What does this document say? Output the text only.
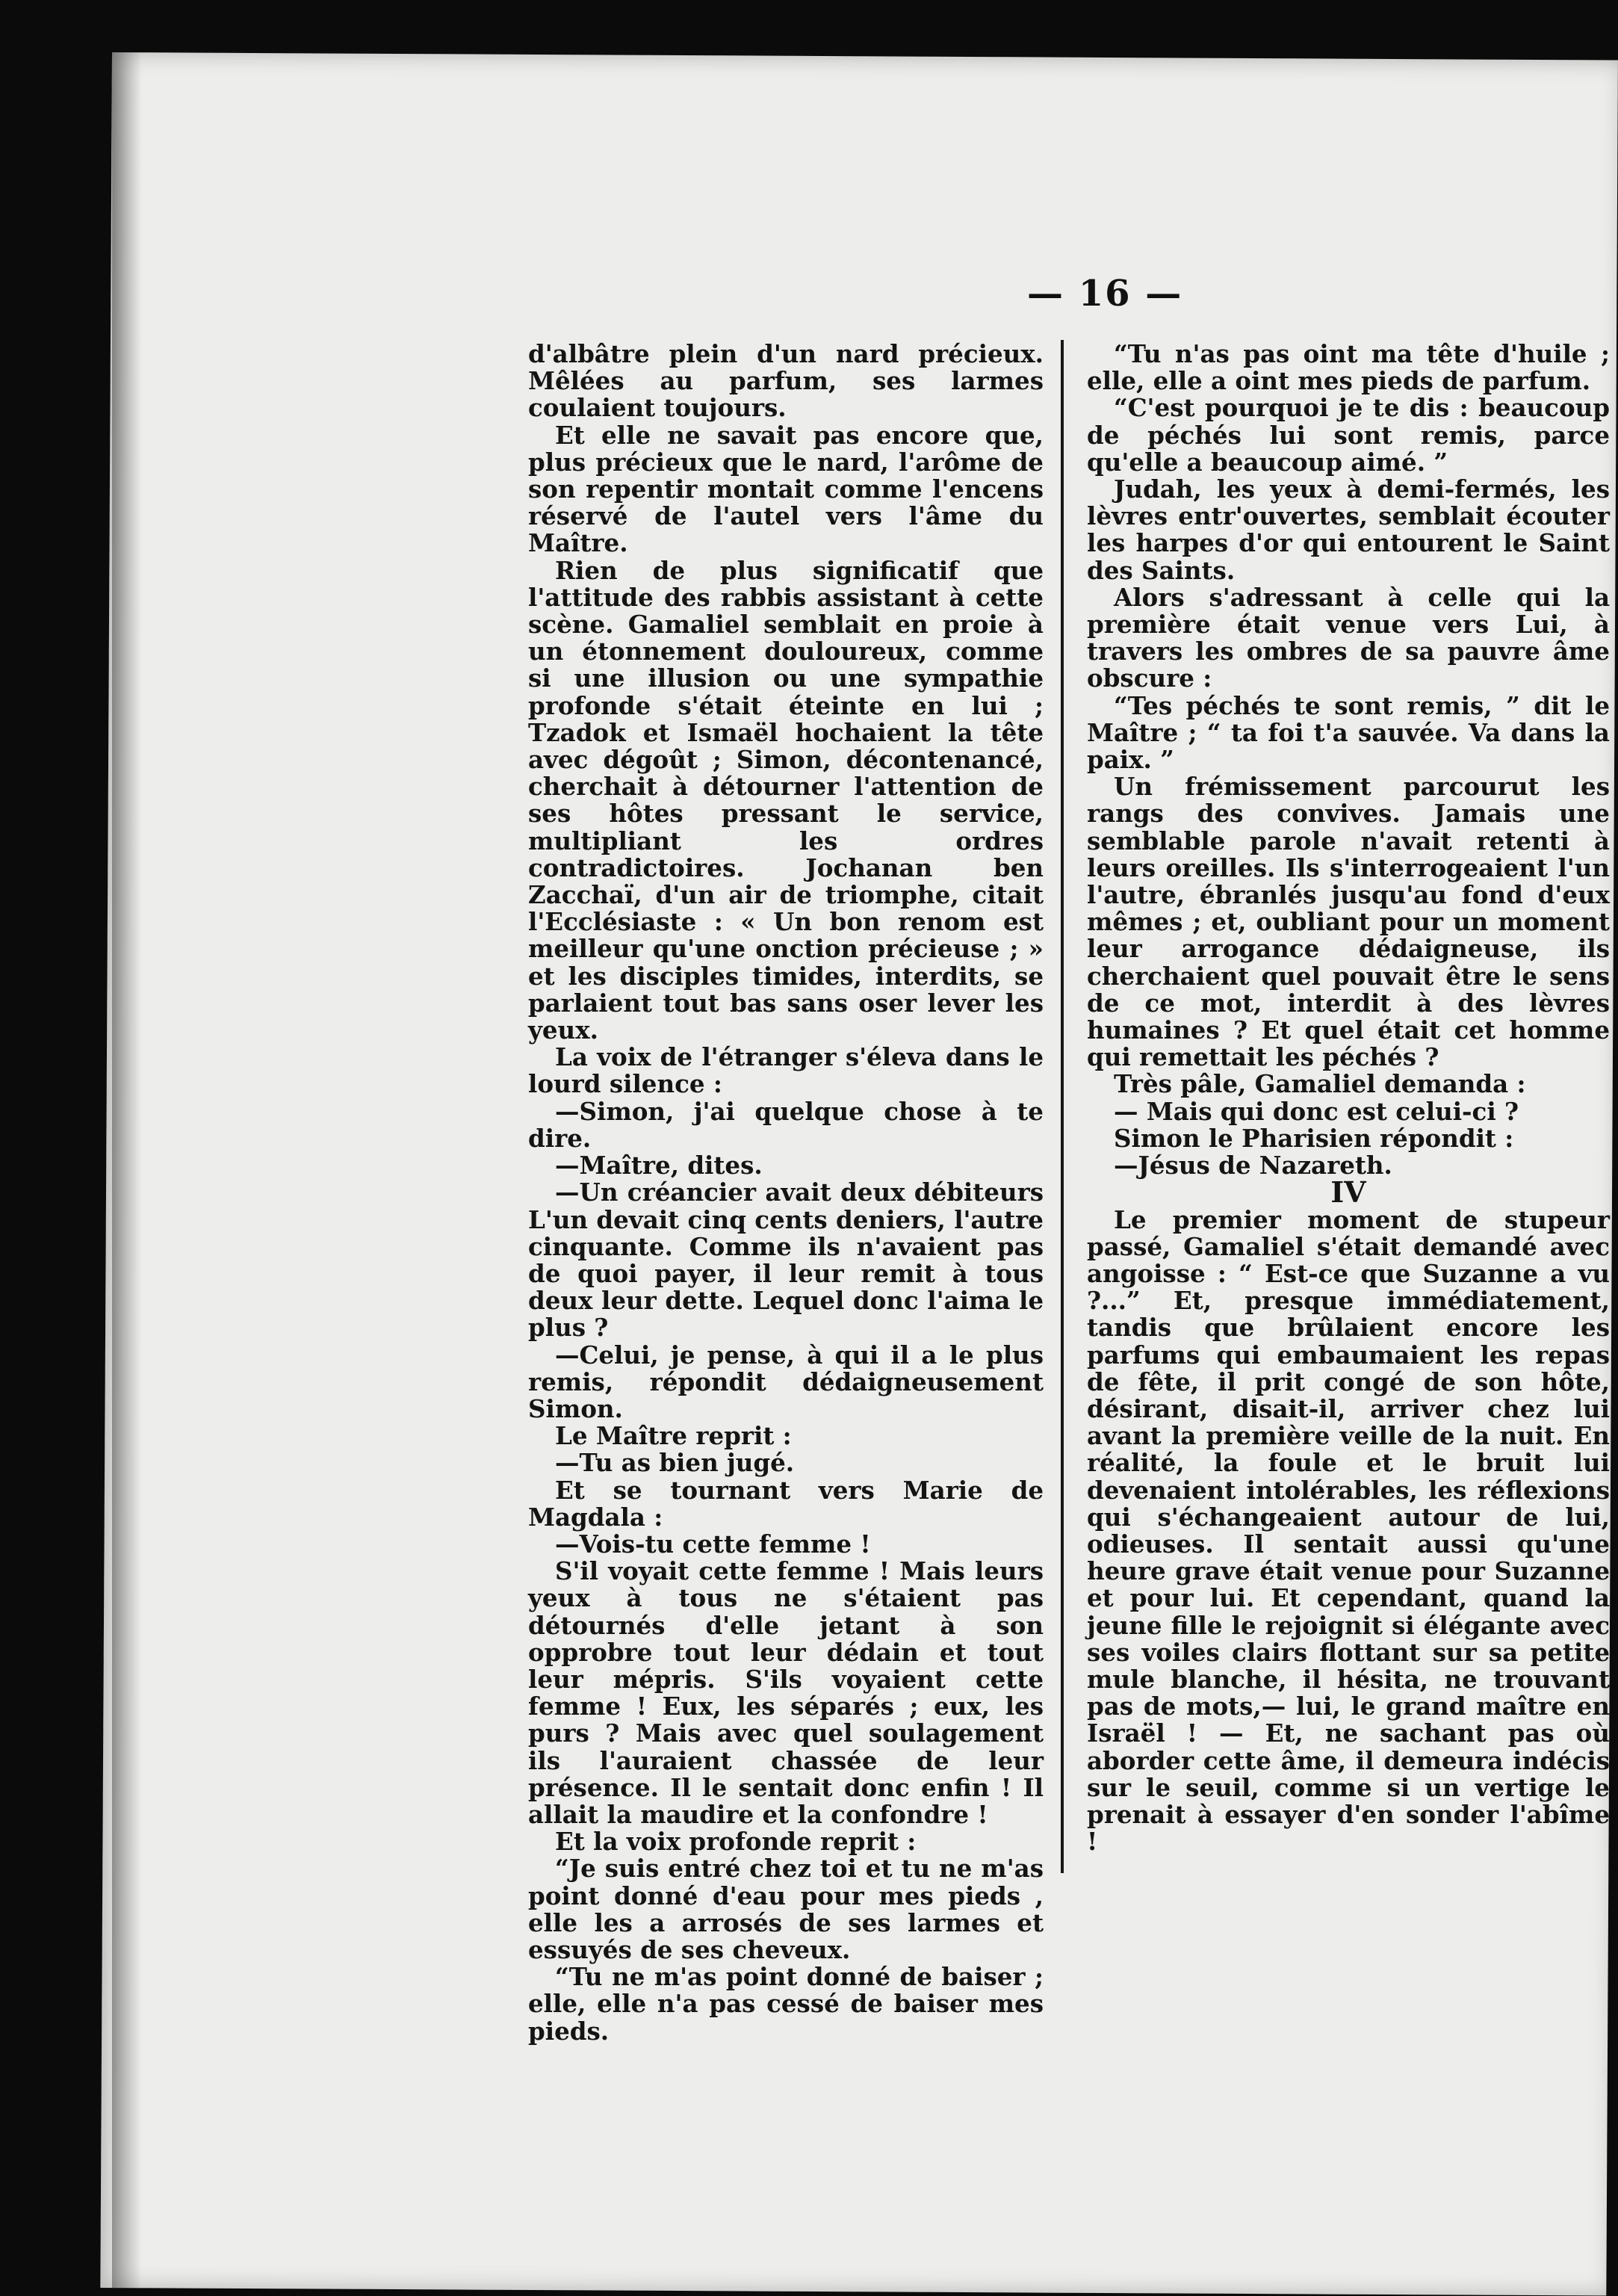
— 16 —

d'albâtre plein d'un nard précieux. Mêlées au parfum, ses larmes coulaient toujours.

Et elle ne savait pas encore que, plus précieux que le nard, l'arôme de son repentir montait comme l'encens réservé de l'autel vers l'âme du Maître.

Rien de plus significatif que l'attitude des rabbis assistant à cette scène. Gamaliel semblait en proie à un étonnement douloureux, comme si une illusion ou une sympathie profonde s'était éteinte en lui ; Tzadok et Ismaël hochaient la tête avec dégoût ; Simon, décontenancé, cherchait à détourner l'attention de ses hôtes pressant le service, multipliant les ordres contradictoires. Jochanan ben Zacchaï, d'un air de triomphe, citait l'Ecclésiaste : « Un bon renom est meilleur qu'une onction précieuse ; » et les disciples timides, interdits, se parlaient tout bas sans oser lever les yeux.

La voix de l'étranger s'éleva dans le lourd silence :

—Simon, j'ai quelque chose à te dire.

—Maître, dites.

—Un créancier avait deux débiteurs L'un devait cinq cents deniers, l'autre cinquante. Comme ils n'avaient pas de quoi payer, il leur remit à tous deux leur dette. Lequel donc l'aima le plus ?

—Celui, je pense, à qui il a le plus remis, répondit dédaigneusement Simon.

Le Maître reprit :

—Tu as bien jugé.

Et se tournant vers Marie de Magdala :

—Vois-tu cette femme !

S'il voyait cette femme ! Mais leurs yeux à tous ne s'étaient pas détournés d'elle jetant à son opprobre tout leur dédain et tout leur mépris. S'ils voyaient cette femme ! Eux, les séparés ; eux, les purs ? Mais avec quel soulagement ils l'auraient chassée de leur présence. Il le sentait donc enfin ! Il allait la maudire et la confondre !

Et la voix profonde reprit :

“Je suis entré chez toi et tu ne m'as point donné d'eau pour mes pieds , elle les a arrosés de ses larmes et essuyés de ses cheveux.

“Tu ne m'as point donné de baiser ; elle, elle n'a pas cessé de baiser mes pieds.

“Tu n'as pas oint ma tête d'huile ; elle, elle a oint mes pieds de parfum.

“C'est pourquoi je te dis : beaucoup de péchés lui sont remis, parce qu'elle a beaucoup aimé. ”

Judah, les yeux à demi-fermés, les lèvres entr'ouvertes, semblait écouter les harpes d'or qui entourent le Saint des Saints.

Alors s'adressant à celle qui la première était venue vers Lui, à travers les ombres de sa pauvre âme obscure :

“Tes péchés te sont remis, ” dit le Maître ; “ ta foi t'a sauvée. Va dans la paix. ”

Un frémissement parcourut les rangs des convives. Jamais une semblable parole n'avait retenti à leurs oreilles. Ils s'interrogeaient l'un l'autre, ébranlés jusqu'au fond d'eux mêmes ; et, oubliant pour un moment leur arrogance dédaigneuse, ils cherchaient quel pouvait être le sens de ce mot, interdit à des lèvres humaines ? Et quel était cet homme qui remettait les péchés ?

Très pâle, Gamaliel demanda :

— Mais qui donc est celui-ci ?

Simon le Pharisien répondit :

—Jésus de Nazareth.

IV

Le premier moment de stupeur passé, Gamaliel s'était demandé avec angoisse : “ Est-ce que Suzanne a vu ?...” Et, presque immédiatement, tandis que brûlaient encore les parfums qui embaumaient les repas de fête, il prit congé de son hôte, désirant, disait-il, arriver chez lui avant la première veille de la nuit. En réalité, la foule et le bruit lui devenaient intolérables, les réflexions qui s'échangeaient autour de lui, odieuses. Il sentait aussi qu'une heure grave était venue pour Suzanne et pour lui. Et cependant, quand la jeune fille le rejoignit si élégante avec ses voiles clairs flottant sur sa petite mule blanche, il hésita, ne trouvant pas de mots,— lui, le grand maître en Israël ! — Et, ne sachant pas où aborder cette âme, il demeura indécis sur le seuil, comme si un vertige le prenait à essayer d'en sonder l'abîme !
